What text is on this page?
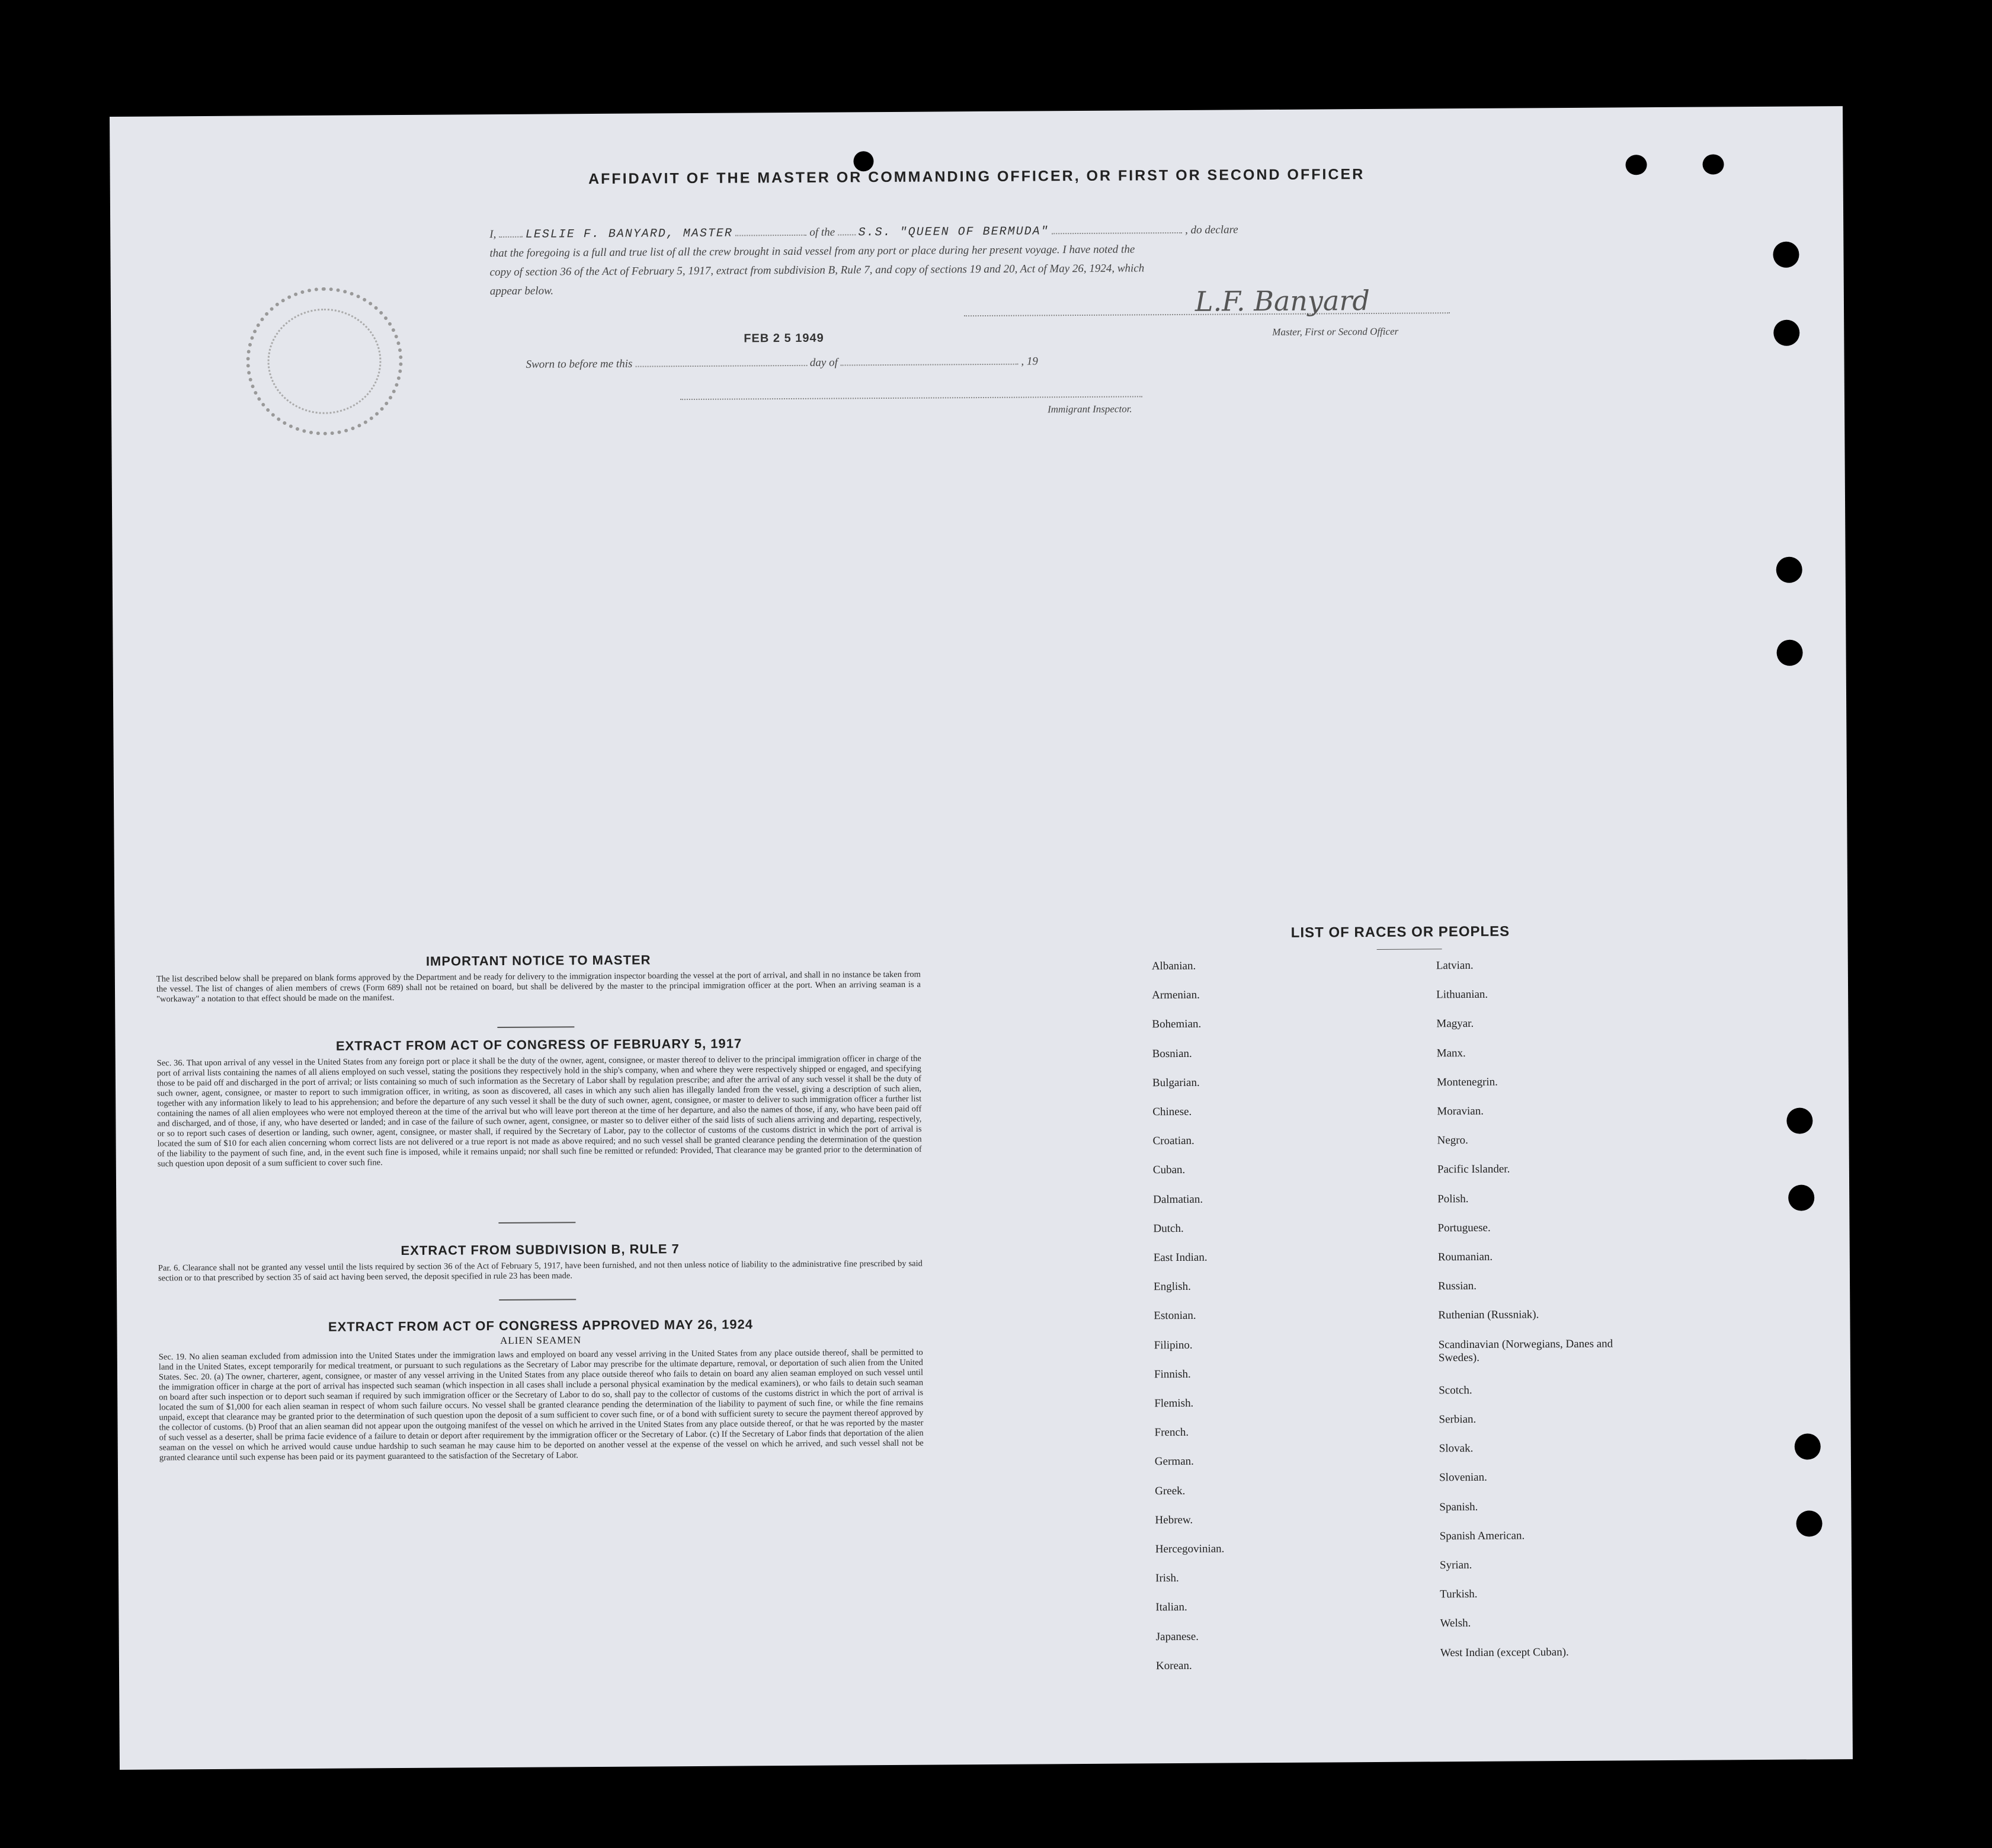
AFFIDAVIT OF THE MASTER OR COMMANDING OFFICER, OR FIRST OR SECOND OFFICER
I, LESLIE F. BANYARD, MASTER	of the S.S. "QUEEN OF BERMUDA"	, do declare
that the foregoing is a full and true list of all the crew brought in said vessel from any port or place during her present voyage. I have noted the
copy of section 36 of the Act of February 5, 1917, extract from subdivision B, Rule 7, and copy of sections 19 and 20, Act of May 26, 1924, which
appear below.	L.F. Banyard
Master, First or Second Officer
FEB 2 5 1949
Sworn to before me this	day of	, 19
Immigrant Inspector.
IMPORTANT NOTICE TO MASTER
The list described below shall be prepared on blank forms approved by the Department and be ready for delivery to the immigration inspector boarding the vessel at the port of arrival, and shall in no instance be taken from the vessel. The list of changes of alien members of crews (Form 689) shall not be retained on board, but shall be delivered by the master to the principal immigration officer at the port. When an arriving seaman is a "workaway" a notation to that effect should be made on the manifest.
EXTRACT FROM ACT OF CONGRESS OF FEBRUARY 5, 1917
Sec. 36. That upon arrival of any vessel in the United States from any foreign port or place it shall be the duty of the owner, agent, consignee, or master thereof to deliver to the principal immigration officer in charge of the port of arrival lists containing the names of all aliens employed on such vessel, stating the positions they respectively hold in the ship's company, when and where they were respectively shipped or engaged, and specifying those to be paid off and discharged in the port of arrival; or lists containing so much of such information as the Secretary of Labor shall by regulation prescribe; and after the arrival of any such vessel it shall be the duty of such owner, agent, consignee, or master to report to such immigration officer, in writing, as soon as discovered, all cases in which any such alien has illegally landed from the vessel, giving a description of such alien, together with any information likely to lead to his apprehension; and before the departure of any such vessel it shall be the duty of such owner, agent, consignee, or master to deliver to such immigration officer a further list containing the names of all alien employees who were not employed thereon at the time of the arrival but who will leave port thereon at the time of her departure, and also the names of those, if any, who have been paid off and discharged, and of those, if any, who have deserted or landed; and in case of the failure of such owner, agent, consignee, or master so to deliver either of the said lists of such aliens arriving and departing, respectively, or so to report such cases of desertion or landing, such owner, agent, consignee, or master shall, if required by the Secretary of Labor, pay to the collector of customs of the customs district in which the port of arrival is located the sum of $10 for each alien concerning whom correct lists are not delivered or a true report is not made as above required; and no such vessel shall be granted clearance pending the determination of the question of the liability to the payment of such fine, and, in the event such fine is imposed, while it remains unpaid; nor shall such fine be remitted or refunded: Provided, That clearance may be granted prior to the determination of such question upon deposit of a sum sufficient to cover such fine.
EXTRACT FROM SUBDIVISION B, RULE 7
Par. 6. Clearance shall not be granted any vessel until the lists required by section 36 of the Act of February 5, 1917, have been furnished, and not then unless notice of liability to the administrative fine prescribed by said section or to that prescribed by section 35 of said act having been served, the deposit specified in rule 23 has been made.
EXTRACT FROM ACT OF CONGRESS APPROVED MAY 26, 1924
ALIEN SEAMEN
Sec. 19. No alien seaman excluded from admission into the United States under the immigration laws and employed on board any vessel arriving in the United States from any place outside thereof, shall be permitted to land in the United States, except temporarily for medical treatment, or pursuant to such regulations as the Secretary of Labor may prescribe for the ultimate departure, removal, or deportation of such alien from the United States. Sec. 20. (a) The owner, charterer, agent, consignee, or master of any vessel arriving in the United States from any place outside thereof who fails to detain on board any alien seaman employed on such vessel until the immigration officer in charge at the port of arrival has inspected such seaman (which inspection in all cases shall include a personal physical examination by the medical examiners), or who fails to detain such seaman on board after such inspection or to deport such seaman if required by such immigration officer or the Secretary of Labor to do so, shall pay to the collector of customs of the customs district in which the port of arrival is located the sum of $1,000 for each alien seaman in respect of whom such failure occurs. No vessel shall be granted clearance pending the determination of the liability to payment of such fine, or while the fine remains unpaid, except that clearance may be granted prior to the determination of such question upon the deposit of a sum sufficient to cover such fine, or of a bond with sufficient surety to secure the payment thereof approved by the collector of customs. (b) Proof that an alien seaman did not appear upon the outgoing manifest of the vessel on which he arrived in the United States from any place outside thereof, or that he was reported by the master of such vessel as a deserter, shall be prima facie evidence of a failure to detain or deport after requirement by the immigration officer or the Secretary of Labor. (c) If the Secretary of Labor finds that deportation of the alien seaman on the vessel on which he arrived would cause undue hardship to such seaman he may cause him to be deported on another vessel at the expense of the vessel on which he arrived, and such vessel shall not be granted clearance until such expense has been paid or its payment guaranteed to the satisfaction of the Secretary of Labor.
LIST OF RACES OR PEOPLES
Albanian.
Armenian.
Bohemian.
Bosnian.
Bulgarian.
Chinese.
Croatian.
Cuban.
Dalmatian.
Dutch.
East Indian.
English.
Estonian.
Filipino.
Finnish.
Flemish.
French.
German.
Greek.
Hebrew.
Hercegovinian.
Irish.
Italian.
Japanese.
Korean.
Latvian.
Lithuanian.
Magyar.
Manx.
Montenegrin.
Moravian.
Negro.
Pacific Islander.
Polish.
Portuguese.
Roumanian.
Russian.
Ruthenian (Russniak).
Scandinavian (Norwegians, Danes and Swedes).
Scotch.
Serbian.
Slovak.
Slovenian.
Spanish.
Spanish American.
Syrian.
Turkish.
Welsh.
West Indian (except Cuban).
